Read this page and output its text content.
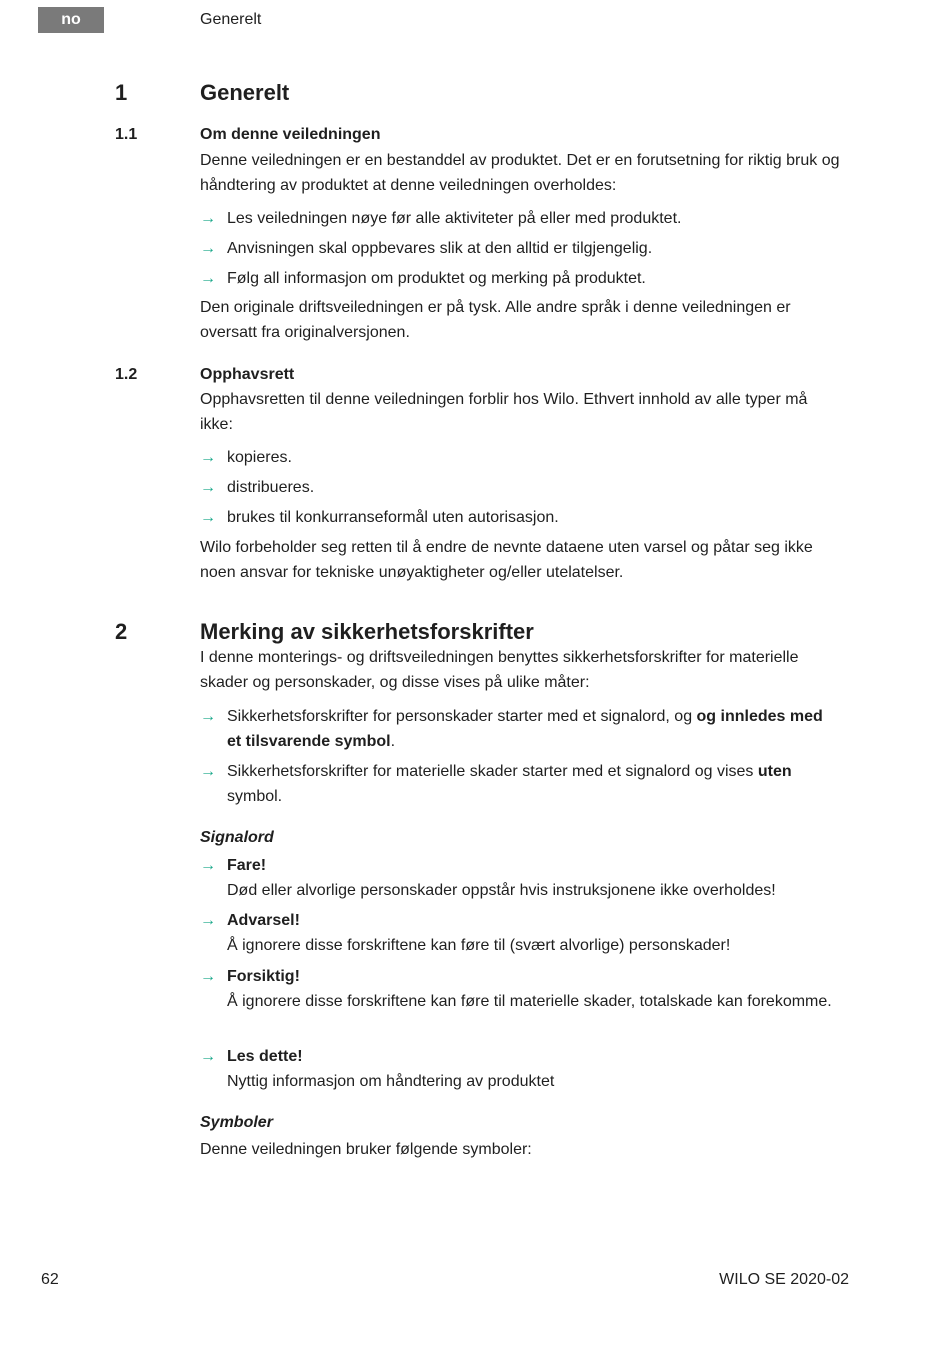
no	Generelt
1	Generelt
1.1	Om denne veiledningen
Denne veiledningen er en bestanddel av produktet. Det er en forutsetning for riktig bruk og håndtering av produktet at denne veiledningen overholdes:
→ Les veiledningen nøye før alle aktiviteter på eller med produktet.
→ Anvisningen skal oppbevares slik at den alltid er tilgjengelig.
→ Følg all informasjon om produktet og merking på produktet.
Den originale driftsveiledningen er på tysk. Alle andre språk i denne veiledningen er oversatt fra originalversjonen.
1.2	Opphavsrett
Opphavsretten til denne veiledningen forblir hos Wilo. Ethvert innhold av alle typer må ikke:
→ kopieres.
→ distribueres.
→ brukes til konkurranseformål uten autorisasjon.
Wilo forbeholder seg retten til å endre de nevnte dataene uten varsel og påtar seg ikke noen ansvar for tekniske unøyaktigheter og/eller utelatelser.
2	Merking av sikkerhetsforskrifter
I denne monterings- og driftsveiledningen benyttes sikkerhetsforskrifter for materielle skader og personskader, og disse vises på ulike måter:
→ Sikkerhetsforskrifter for personskader starter med et signalord, og og innledes med et tilsvarende symbol.
→ Sikkerhetsforskrifter for materielle skader starter med et signalord og vises uten symbol.
Signalord
→ Fare!
Død eller alvorlige personskader oppstår hvis instruksjonene ikke overholdes!
→ Advarsel!
Å ignorere disse forskriftene kan føre til (svært alvorlige) personskader!
→ Forsiktig!
Å ignorere disse forskriftene kan føre til materielle skader, totalskade kan forekomme.
→ Les dette!
Nyttig informasjon om håndtering av produktet
Symboler
Denne veiledningen bruker følgende symboler:
62	WILO SE 2020-02
